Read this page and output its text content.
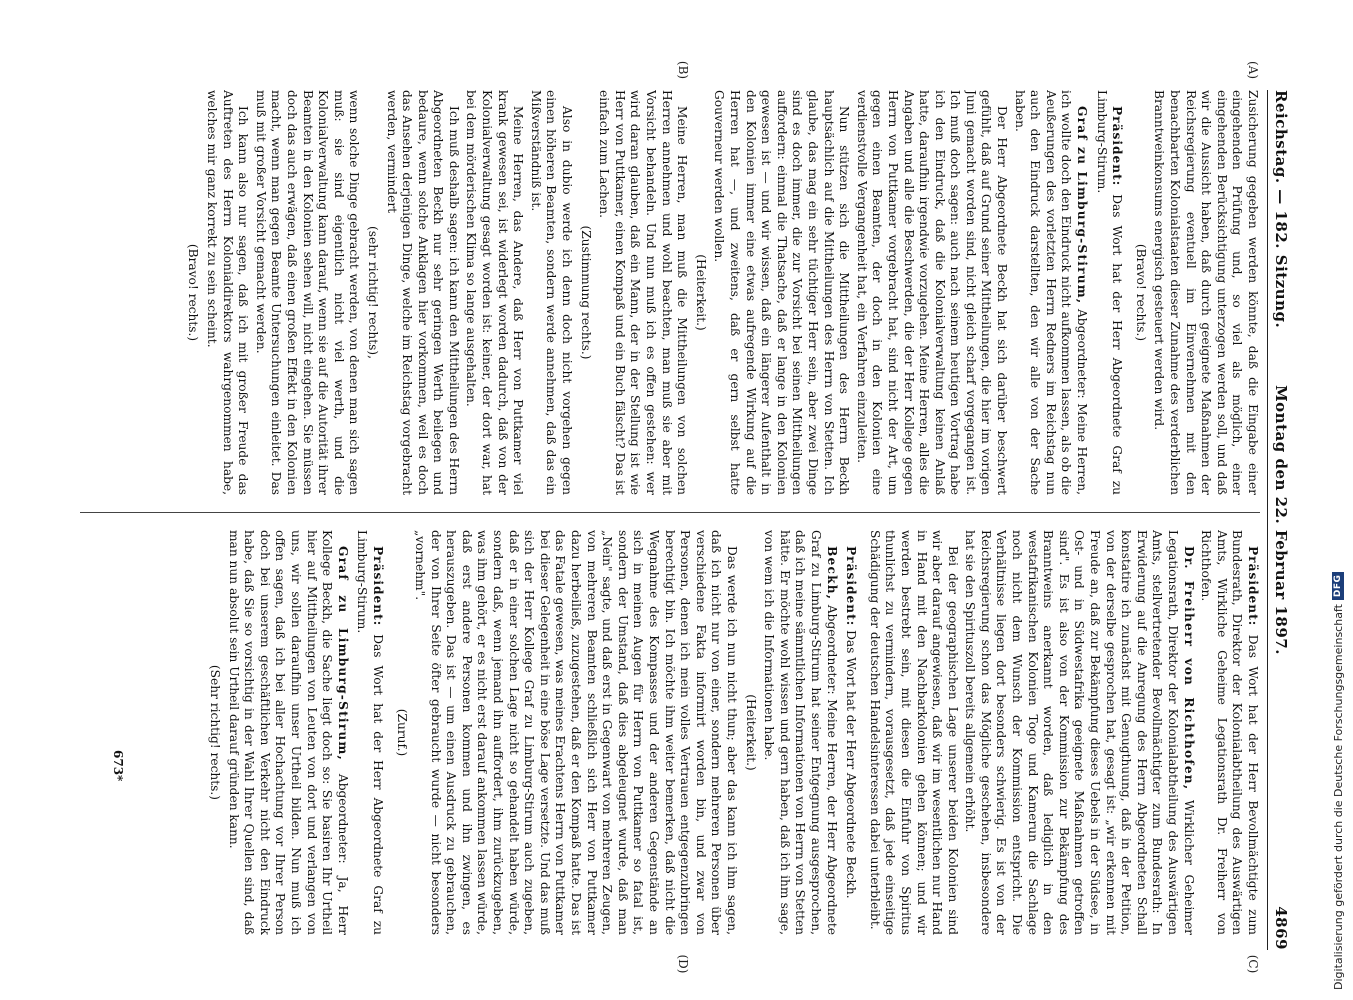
Reichstag. — 182. Sitzung.
Montag den 22. Februar 1897.
4869
(A)
(B)
(C)
(D)

Zusicherung gegeben werden könnte, daß die Eingabe einer eingehenden Prüfung und, so viel als möglich, einer eingehenden Berücksichtigung unterzogen werden soll, und daß wir die Aussicht haben, daß durch geeignete Maßnahmen der Reichsregierung eventuell im Einvernehmen mit den benachbarten Kolonialstaaten dieser Zunahme des verderblichen Branntweinkonsums energisch gesteuert werden wird.

(Bravo! rechts.)

Präsident: Das Wort hat der Herr Abgeordnete Graf zu Limburg-Stirum.

Graf zu Limburg-Stirum, Abgeordneter: Meine Herren, ich wollte doch den Eindruck nicht aufkommen lassen, als ob die Aeußerungen des vorletzten Herrn Redners im Reichstag nun auch den Eindruck darstellten, den wir alle von der Sache haben.

Der Herr Abgeordnete Beckh hat sich darüber beschwert gefühlt, daß auf Grund seiner Mittheilungen, die hier im vorigen Juni gemacht worden sind, nicht gleich scharf vorgegangen ist. Ich muß doch sagen: auch nach seinem heutigen Vortrag habe ich den Eindruck, daß die Kolonialverwaltung keinen Anlaß hatte, daraufhin irgendwie vorzugehen. Meine Herren, alles die Angaben und alle die Beschwerden, die der Herr Kollege gegen Herrn von Puttkamer vorgebracht hat, sind nicht der Art, um gegen einen Beamten, der doch in den Kolonien eine verdienstvolle Vergangenheit hat, ein Verfahren einzuleiten.

Nun stützen sich die Mittheilungen des Herrn Beckh hauptsächlich auf die Mittheilungen des Herrn von Stetten. Ich glaube, das mag ein sehr tüchtiger Herr sein, aber zwei Dinge sind es doch immer, die zur Vorsicht bei seinen Mittheilungen auffordern: einmal die Thatsache, daß er lange in den Kolonien gewesen ist — und wir wissen, daß ein längerer Aufenthalt in den Kolonien immer eine etwas aufregende Wirkung auf die Herren hat —, und zweitens, daß er gern selbst hatte Gouverneur werden wollen.

(Heiterkeit.)

Meine Herren, man muß die Mittheilungen von solchen Herren annehmen und wohl beachten, man muß sie aber mit Vorsicht behandeln. Und nun muß ich es offen gestehen: wer wird daran glauben, daß ein Mann, der in der Stellung ist wie Herr von Puttkamer, einen Kompaß und ein Buch fälscht? Das ist einfach zum Lachen.

(Zustimmung rechts.)

Also in dubio werde ich denn doch nicht vorgehen gegen einen höheren Beamten, sondern werde annehmen, daß das ein Mißverständniß ist.

Meine Herren, das Andere, daß Herr von Puttkamer viel krank gewesen sei, ist widerlegt worden dadurch, daß von der Kolonialverwaltung gesagt worden ist: keiner, der dort war, hat bei dem mörderischen Klima so lange ausgehalten.

Ich muß deshalb sagen: ich kann den Mittheilungen des Herrn Abgeordneten Beckh nur sehr geringen Werth beilegen und bedaure, wenn solche Anklagen hier vorkommen, weil es doch das Ansehen derjenigen Dinge, welche im Reichstag vorgebracht werden, vermindert

(sehr richtig! rechts),

wenn solche Dinge gebracht werden, von denen man sich sagen muß: sie sind eigentlich nicht viel werth, und die Kolonialverwaltung kann darauf, wenn sie auf die Autorität ihrer Beamten in den Kolonien sehen will, nicht eingehen. Sie müssen doch das auch erwägen, daß einen großen Effekt in den Kolonien macht, wenn man gegen Beamte Untersuchungen einleitet. Das muß mit großer Vorsicht gemacht werden.

Ich kann also nur sagen, daß ich mit großer Freude das Auftreten des Herrn Kolonialdirektors wahrgenommen habe, welches mir ganz korrekt zu sein scheint.

(Bravo! rechts.)

Präsident: Das Wort hat der Herr Bevollmächtigte zum Bundesrath, Direktor der Kolonialabtheilung des Auswärtigen Amts, Wirkliche Geheime Legationsrath Dr. Freiherr von Richthofen.

Dr. Freiherr von Richthofen, Wirklicher Geheimer Legationsrath, Direktor der Kolonialabtheilung des Auswärtigen Amts, stellvertretender Bevollmächtigter zum Bundesrath: In Erwiderung auf die Anregung des Herrn Abgeordneten Schall konstatire ich zunächst mit Genugthuung, daß in der Petition, von der derselbe gesprochen hat, gesagt ist: „wir erkennen mit Freude an, daß zur Bekämpfung dieses Uebels in der Südsee, in Ost- und in Südwestafrika geeignete Maßnahmen getroffen sind". Es ist also von der Kommission zur Bekämpfung des Branntweins anerkannt worden, daß lediglich in den westafrikanischen Kolonien Togo und Kamerun die Sachlage noch nicht dem Wunsch der Kommission entspricht. Die Verhältnisse liegen dort besonders schwierig. Es ist von der Reichsregierung schon das Mögliche geschehen, insbesondere hat sie den Spirituszoll bereits allgemein erhöht.

Bei der geographischen Lage unserer beiden Kolonien sind wir aber darauf angewiesen, daß wir im wesentlichen nur Hand in Hand mit den Nachbarkolonien gehen können; und wir werden bestrebt sein, mit diesen die Einfuhr von Spiritus thunlichst zu vermindern, vorausgesetzt, daß jede einseitige Schädigung der deutschen Handelsinteressen dabei unterbleibt.

Präsident: Das Wort hat der Herr Abgeordnete Beckh.

Beckh, Abgeordneter: Meine Herren, der Herr Abgeordnete Graf zu Limburg-Stirum hat seiner Entgegnung ausgesprochen, daß ich meine sämmtlichen Informationen von Herrn von Stetten hätte. Er möchte wohl wissen und gern haben, daß ich ihm sage, von wem ich die Informationen habe.

(Heiterkeit.)

Das werde ich nun nicht thun; aber das kann ich ihm sagen, daß ich nicht nur von einer, sondern mehreren Personen über verschiedene Fakta informirt worden bin, und zwar von Personen, denen ich mein volles Vertrauen entgegenzubringen berechtigt bin. Ich möchte ihm weiter bemerken, daß nicht die Wegnahme des Kompasses und der anderen Gegenstände an sich in meinen Augen für Herrn von Puttkamer so fatal ist, sondern der Umstand, daß dies abgeleugnet wurde, daß man „Nein" sagte, und daß erst in Gegenwart von mehreren Zeugen, von mehreren Beamten schließlich sich Herr von Puttkamer dazu herbeiließ, zuzugestehen, daß er den Kompaß hatte. Das ist das Fatale gewesen, was meines Erachtens Herrn von Puttkamer bei dieser Gelegenheit in eine böse Lage versetzte. Und das muß sich der Herr Kollege Graf zu Limburg-Stirum auch zugeben, daß er in einer solchen Lage nicht so gehandelt haben würde, sondern daß, wenn jemand ihn auffordert, ihm zurückzugeben, was ihm gehört, er es nicht erst darauf ankommen lassen würde, daß erst andere Personen kommen und ihn zwingen, es herauszugeben. Das ist — um einen Ausdruck zu gebrauchen, der von Ihrer Seite öfter gebraucht wurde — nicht besonders „vornehm".

(Zuruf.)

Präsident: Das Wort hat der Herr Abgeordnete Graf zu Limburg-Stirum.

Graf zu Limburg-Stirum, Abgeordneter: Ja, Herr Kollege Beckh, die Sache liegt doch so: Sie basiren Ihr Urtheil hier auf Mittheilungen von Leuten von dort und verlangen von uns, wir sollen daraufhin unser Urtheil bilden. Nun muß ich offen sagen, daß ich bei aller Hochachtung vor Ihrer Person doch bei unserem geschäftlichen Verkehr nicht den Eindruck habe, daß Sie so vorsichtig in der Wahl Ihrer Quellen sind, daß man nun absolut sein Urtheil darauf gründen kann.

(Sehr richtig! rechts.)

673*	Digitalisierung gefördert durch die Deutsche Forschungsgemeinschaft
DFG
